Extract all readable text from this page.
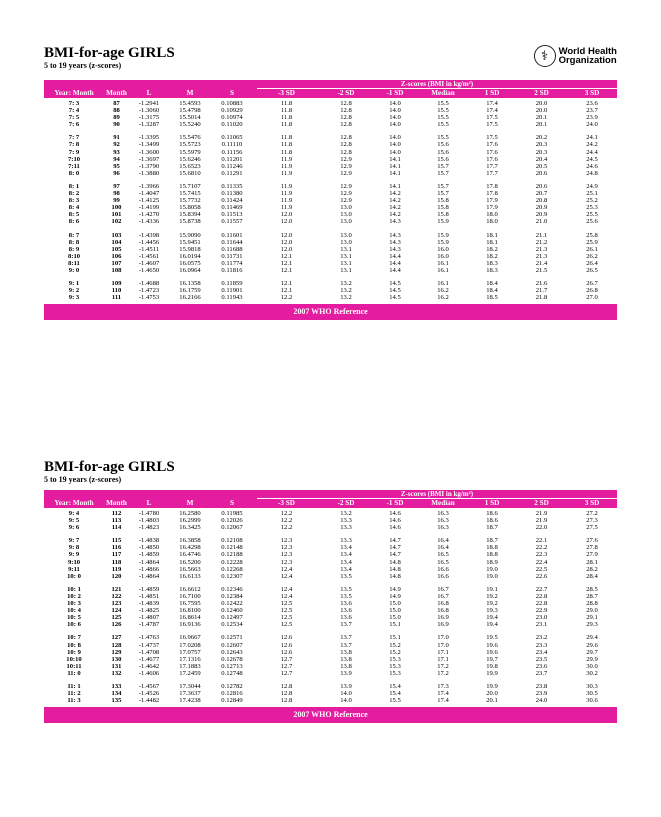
BMI-for-age GIRLS
5 to 19 years (z-scores)
⚕	World Health
Organization
Z-scores (BMI in kg/m²)
Year: Month	Month	L	M	S	-3 SD	-2 SD	-1 SD	Median	1 SD	2 SD	3 SD

7: 3	87	-1.2941	15.4593	0.10883	11.8	12.8	14.0	15.5	17.4	20.0	23.6
7: 4	88	-1.3060	15.4798	0.10929	11.8	12.8	14.0	15.5	17.4	20.0	23.7
7: 5	89	-1.3175	15.5014	0.10974	11.8	12.8	14.0	15.5	17.5	20.1	23.9
7: 6	90	-1.3287	15.5240	0.11020	11.8	12.8	14.0	15.5	17.5	20.1	24.0

7: 7	91	-1.3395	15.5476	0.11065	11.8	12.8	14.0	15.5	17.5	20.2	24.1
7: 8	92	-1.3499	15.5723	0.11110	11.8	12.8	14.0	15.6	17.6	20.3	24.2
7: 9	93	-1.3600	15.5979	0.11156	11.8	12.8	14.0	15.6	17.6	20.3	24.4
7:10	94	-1.3697	15.6246	0.11201	11.9	12.9	14.1	15.6	17.6	20.4	24.5
7:11	95	-1.3790	15.6523	0.11246	11.9	12.9	14.1	15.7	17.7	20.5	24.6
8: 0	96	-1.3880	15.6810	0.11291	11.9	12.9	14.1	15.7	17.7	20.6	24.8

8: 1	97	-1.3966	15.7107	0.11335	11.9	12.9	14.1	15.7	17.8	20.6	24.9
8: 2	98	-1.4047	15.7415	0.11380	11.9	12.9	14.2	15.7	17.8	20.7	25.1
8: 3	99	-1.4125	15.7732	0.11424	11.9	12.9	14.2	15.8	17.9	20.8	25.2
8: 4	100	-1.4199	15.8058	0.11469	11.9	13.0	14.2	15.8	17.9	20.9	25.3
8: 5	101	-1.4270	15.8394	0.11513	12.0	13.0	14.2	15.8	18.0	20.9	25.5
8: 6	102	-1.4336	15.8738	0.11557	12.0	13.0	14.3	15.9	18.0	21.0	25.6

8: 7	103	-1.4398	15.9090	0.11601	12.0	13.0	14.3	15.9	18.1	21.1	25.8
8: 8	104	-1.4456	15.9451	0.11644	12.0	13.0	14.3	15.9	18.1	21.2	25.9
8: 9	105	-1.4511	15.9818	0.11688	12.0	13.1	14.3	16.0	18.2	21.3	26.1
8:10	106	-1.4561	16.0194	0.11731	12.1	13.1	14.4	16.0	18.2	21.3	26.2
8:11	107	-1.4607	16.0575	0.11774	12.1	13.1	14.4	16.1	18.3	21.4	26.4
9: 0	108	-1.4650	16.0964	0.11816	12.1	13.1	14.4	16.1	18.3	21.5	26.5

9: 1	109	-1.4688	16.1358	0.11859	12.1	13.2	14.5	16.1	18.4	21.6	26.7
9: 2	110	-1.4723	16.1759	0.11901	12.1	13.2	14.5	16.2	18.4	21.7	26.8
9: 3	111	-1.4753	16.2166	0.11943	12.2	13.2	14.5	16.2	18.5	21.8	27.0

2007 WHO Reference
BMI-for-age GIRLS
5 to 19 years (z-scores)
Z-scores (BMI in kg/m²)
Year: Month	Month	L	M	S	-3 SD	-2 SD	-1 SD	Median	1 SD	2 SD	3 SD

9: 4	112	-1.4780	16.2580	0.11985	12.2	13.2	14.6	16.3	18.6	21.9	27.2
9: 5	113	-1.4803	16.2999	0.12026	12.2	13.3	14.6	16.3	18.6	21.9	27.3
9: 6	114	-1.4823	16.3425	0.12067	12.2	13.3	14.6	16.3	18.7	22.0	27.5

9: 7	115	-1.4838	16.3858	0.12108	12.3	13.3	14.7	16.4	18.7	22.1	27.6
9: 8	116	-1.4850	16.4298	0.12148	12.3	13.4	14.7	16.4	18.8	22.2	27.8
9: 9	117	-1.4859	16.4746	0.12188	12.3	13.4	14.7	16.5	18.8	22.3	27.9
9:10	118	-1.4864	16.5200	0.12228	12.3	13.4	14.8	16.5	18.9	22.4	28.1
9:11	119	-1.4866	16.5663	0.12268	12.4	13.4	14.8	16.6	19.0	22.5	28.2
10: 0	120	-1.4864	16.6133	0.12307	12.4	13.5	14.8	16.6	19.0	22.6	28.4

10: 1	121	-1.4859	16.6612	0.12346	12.4	13.5	14.9	16.7	19.1	22.7	28.5
10: 2	122	-1.4851	16.7100	0.12384	12.4	13.5	14.9	16.7	19.2	22.8	28.7
10: 3	123	-1.4839	16.7595	0.12422	12.5	13.6	15.0	16.8	19.2	22.8	28.8
10: 4	124	-1.4825	16.8100	0.12460	12.5	13.6	15.0	16.8	19.3	22.9	29.0
10: 5	125	-1.4807	16.8614	0.12497	12.5	13.6	15.0	16.9	19.4	23.0	29.1
10: 6	126	-1.4787	16.9136	0.12534	12.5	13.7	15.1	16.9	19.4	23.1	29.3

10: 7	127	-1.4763	16.9667	0.12571	12.6	13.7	15.1	17.0	19.5	23.2	29.4
10: 8	128	-1.4737	17.0208	0.12607	12.6	13.7	15.2	17.0	19.6	23.3	29.6
10: 9	129	-1.4708	17.0757	0.12643	12.6	13.8	15.2	17.1	19.6	23.4	29.7
10:10	130	-1.4677	17.1316	0.12678	12.7	13.8	15.3	17.1	19.7	23.5	29.9
10:11	131	-1.4642	17.1883	0.12713	12.7	13.8	15.3	17.2	19.8	23.6	30.0
11: 0	132	-1.4606	17.2459	0.12748	12.7	13.9	15.3	17.2	19.9	23.7	30.2

11: 1	133	-1.4567	17.3044	0.12782	12.8	13.9	15.4	17.3	19.9	23.8	30.3
11: 2	134	-1.4526	17.3637	0.12816	12.8	14.0	15.4	17.4	20.0	23.9	30.5
11: 3	135	-1.4482	17.4238	0.12849	12.8	14.0	15.5	17.4	20.1	24.0	30.6

2007 WHO Reference
